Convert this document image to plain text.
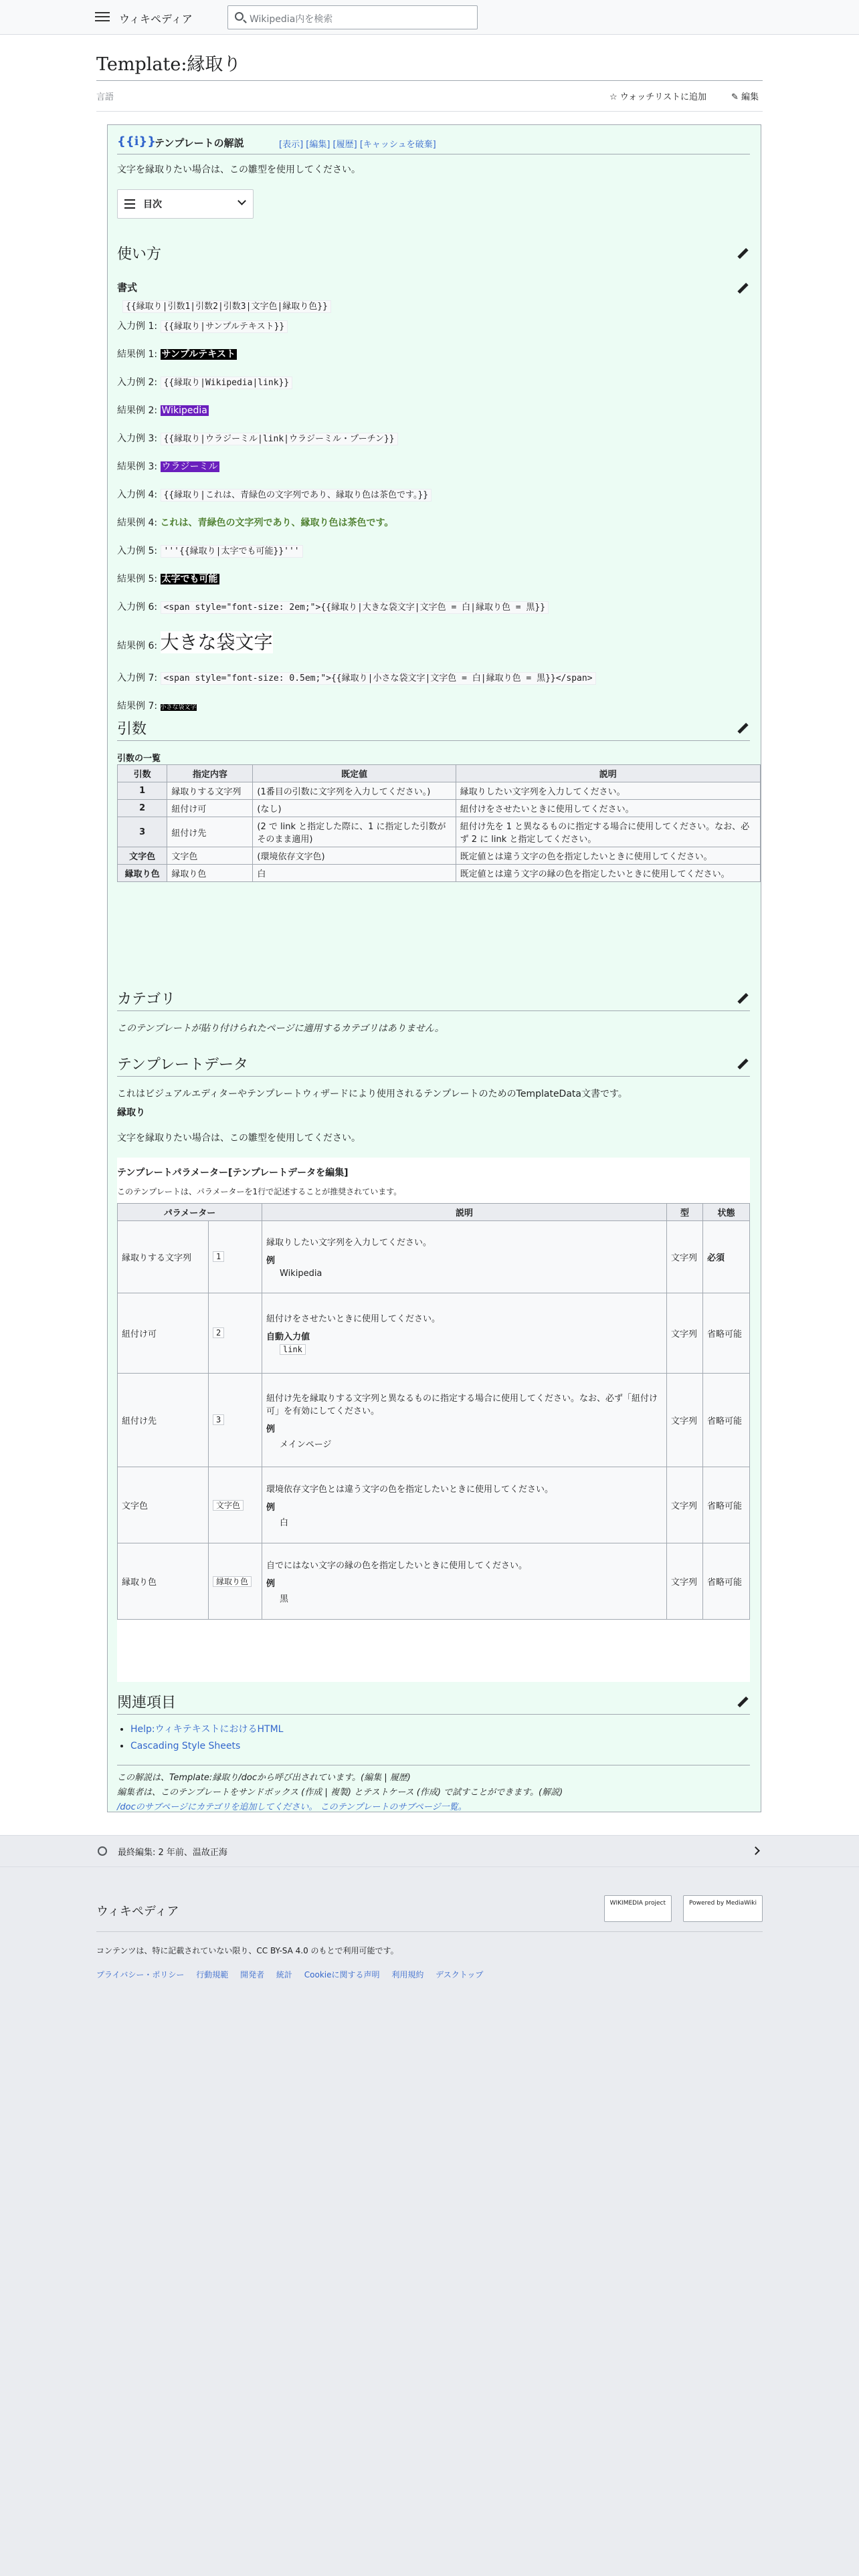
ウィキペディア	Wikipedia内を検索
Template:縁取り
言語	☆ ウォッチリストに追加	✎ 編集
{{ℹ}}
テンプレートの解説	[表示] [編集] [履歴] [キャッシュを破棄]
文字を縁取りたい場合は、この雛型を使用してください。
目次
使い方
書式
{{縁取り|引数1|引数2|引数3|文字色|縁取り色}}
入力例 1: {{縁取り|サンプルテキスト}}
結果例 1: サンプルテキスト
入力例 2: {{縁取り|Wikipedia|link}}
結果例 2: Wikipedia
入力例 3: {{縁取り|ウラジーミル|link|ウラジーミル・プーチン}}
結果例 3: ウラジーミル
入力例 4: {{縁取り|これは、青緑色の文字列であり、縁取り色は茶色です。}}
結果例 4: これは、青緑色の文字列であり、縁取り色は茶色です。
入力例 5: '''{{縁取り|太字でも可能}}'''
結果例 5: 太字でも可能
入力例 6: <span style="font-size: 2em;">{{縁取り|大きな袋文字|文字色 = 白|縁取り色 = 黒}}
結果例 6: 大きな袋文字
入力例 7: <span style="font-size: 0.5em;">{{縁取り|小さな袋文字|文字色 = 白|縁取り色 = 黒}}</span>
結果例 7: 小さな袋文字
引数
引数の一覧
引数	指定内容	既定値	説明
1	縁取りする文字列	(1番目の引数に文字列を入力してください。)	縁取りしたい文字列を入力してください。
2	紐付け可	(なし)	紐付けをさせたいときに使用してください。
3	紐付け先	(2 で link と指定した際に、1 に指定した引数がそのまま適用)	紐付け先を 1 と異なるものに指定する場合に使用してください。なお、必ず 2 に link と指定してください。
文字色	文字色	(環境依存文字色)	既定値とは違う文字の色を指定したいときに使用してください。
縁取り色	縁取り色	白	既定値とは違う文字の縁の色を指定したいときに使用してください。
カテゴリ
このテンプレートが貼り付けられたページに適用するカテゴリはありません。
テンプレートデータ
これはビジュアルエディターやテンプレートウィザードにより使用されるテンプレートのためのTemplateData文書です。
縁取り
文字を縁取りたい場合は、この雛型を使用してください。
テンプレートパラメーター[テンプレートデータを編集]
このテンプレートは、パラメーターを1行で記述することが推奨されています。
パラメーター		説明	型	状態
縁取りする文字列	1	縁取りしたい文字列を入力してください。
例
Wikipedia	文字列	必須
紐付け可	2	紐付けをさせたいときに使用してください。
自動入力値
link	文字列	省略可能
紐付け先	3	紐付け先を縁取りする文字列と異なるものに指定する場合に使用してください。なお、必ず「紐付け可」を有効にしてください。
例
メインページ	文字列	省略可能
文字色	文字色	環境依存文字色とは違う文字の色を指定したいときに使用してください。
例
白	文字列	省略可能
縁取り色	縁取り色	自でにはない文字の縁の色を指定したいときに使用してください。
例
黒	文字列	省略可能
関連項目
• Help:ウィキテキストにおけるHTML
• Cascading Style Sheets
この解説は、Template:縁取り/docから呼び出されています。(編集 | 履歴)
編集者は、このテンプレートをサンドボックス (作成 | 複製) とテストケース (作成) で試すことができます。(解説)
/docのサブページにカテゴリを追加してください。 このテンプレートのサブページ一覧。
最終編集: 2 年前、温故正海
ウィキペディア
WIKIMEDIA project	Powered by MediaWiki
コンテンツは、特に記載されていない限り、CC BY-SA 4.0 のもとで利用可能です。
プライバシー・ポリシー 行動規範 開発者 統計 Cookieに関する声明 利用規約 デスクトップ
